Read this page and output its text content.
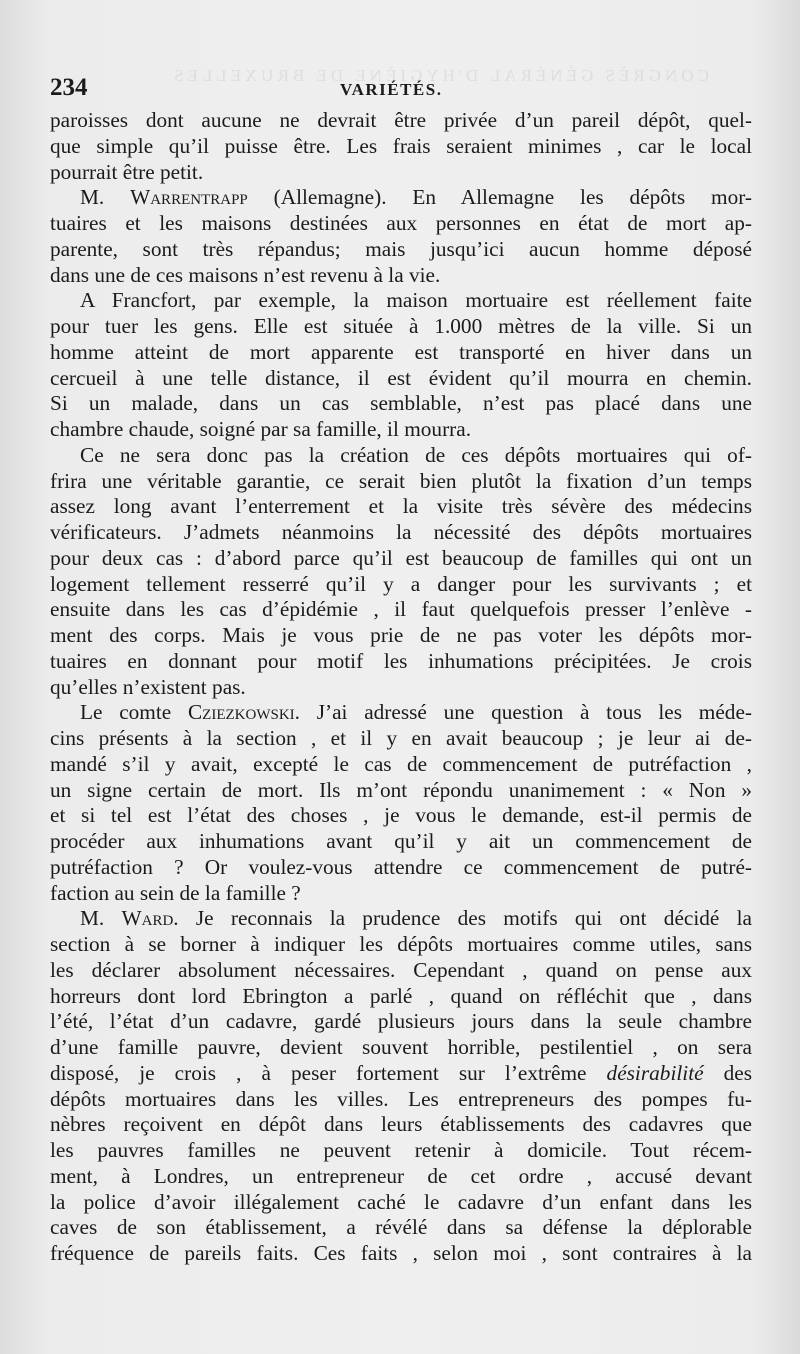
CONGRÈS GÉNÉRAL D'HYGIÈNE DE BRUXELLES
234	VARIÉTÉS.
paroisses dont aucune ne devrait être privée d’un pareil dépôt, quel-
que simple qu’il puisse être. Les frais seraient minimes , car le local
pourrait être petit.
M. Warrentrapp (Allemagne). En Allemagne les dépôts mor-
tuaires et les maisons destinées aux personnes en état de mort ap-
parente, sont très répandus; mais jusqu’ici aucun homme déposé
dans une de ces maisons n’est revenu à la vie.
A Francfort, par exemple, la maison mortuaire est réellement faite
pour tuer les gens. Elle est située à 1.000 mètres de la ville. Si un
homme atteint de mort apparente est transporté en hiver dans un
cercueil à une telle distance, il est évident qu’il mourra en chemin.
Si un malade, dans un cas semblable, n’est pas placé dans une
chambre chaude, soigné par sa famille, il mourra.
Ce ne sera donc pas la création de ces dépôts mortuaires qui of-
frira une véritable garantie, ce serait bien plutôt la fixation d’un temps
assez long avant l’enterrement et la visite très sévère des médecins
vérificateurs. J’admets néanmoins la nécessité des dépôts mortuaires
pour deux cas : d’abord parce qu’il est beaucoup de familles qui ont un
logement tellement resserré qu’il y a danger pour les survivants ; et
ensuite dans les cas d’épidémie , il faut quelquefois presser l’enlève -
ment des corps. Mais je vous prie de ne pas voter les dépôts mor-
tuaires en donnant pour motif les inhumations précipitées. Je crois
qu’elles n’existent pas.
Le comte Cziezkowski. J’ai adressé une question à tous les méde-
cins présents à la section , et il y en avait beaucoup ; je leur ai de-
mandé s’il y avait, excepté le cas de commencement de putréfaction ,
un signe certain de mort. Ils m’ont répondu unanimement : « Non »
et si tel est l’état des choses , je vous le demande, est-il permis de
procéder aux inhumations avant qu’il y ait un commencement de
putréfaction ? Or voulez-vous attendre ce commencement de putré-
faction au sein de la famille ?
M. Ward. Je reconnais la prudence des motifs qui ont décidé la
section à se borner à indiquer les dépôts mortuaires comme utiles, sans
les déclarer absolument nécessaires. Cependant , quand on pense aux
horreurs dont lord Ebrington a parlé , quand on réfléchit que , dans
l’été, l’état d’un cadavre, gardé plusieurs jours dans la seule chambre
d’une famille pauvre, devient souvent horrible, pestilentiel , on sera
disposé, je crois , à peser fortement sur l’extrême désirabilité des
dépôts mortuaires dans les villes. Les entrepreneurs des pompes fu-
nèbres reçoivent en dépôt dans leurs établissements des cadavres que
les pauvres familles ne peuvent retenir à domicile. Tout récem-
ment, à Londres, un entrepreneur de cet ordre , accusé devant
la police d’avoir illégalement caché le cadavre d’un enfant dans les
caves de son établissement, a révélé dans sa défense la déplorable
fréquence de pareils faits. Ces faits , selon moi , sont contraires à la
